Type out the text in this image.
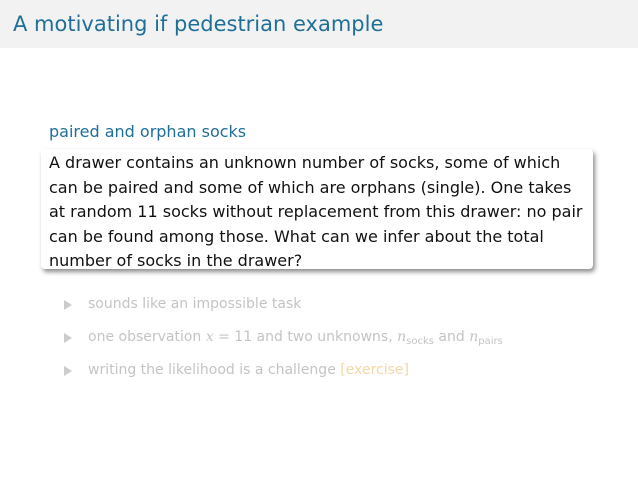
A motivating if pedestrian example
paired and orphan socks

A drawer contains an unknown number of socks, some of which

can be paired and some of which are orphans (single). One takes

at random 11 socks without replacement from this drawer: no pair

can be found among those. What can we infer about the total

number of socks in the drawer?

sounds like an impossible task
one observation x = 11 and two unknowns, $n_{socks}$ and $n_{pairs}$
writing the likelihood is a challenge [exercise]
